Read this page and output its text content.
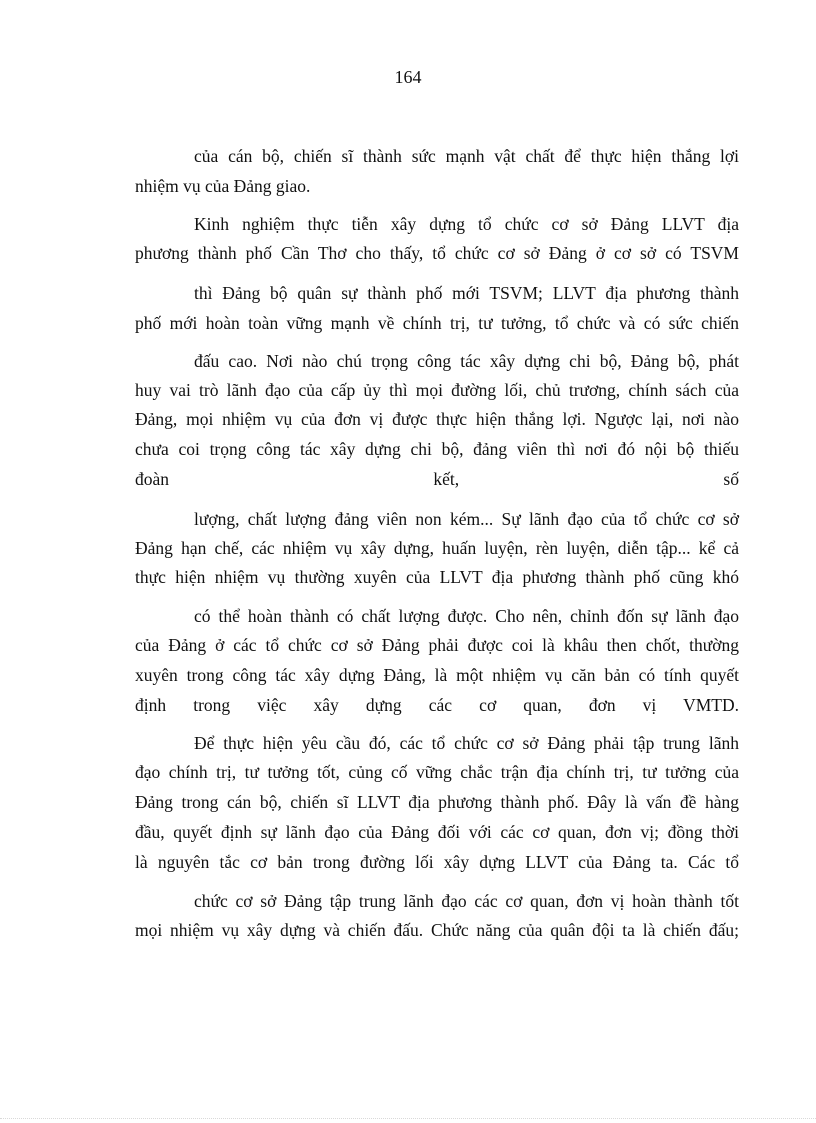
164
của cán bộ, chiến sĩ thành sức mạnh vật chất để thực hiện thắng lợi
nhiệm vụ của Đảng giao.
Kinh nghiệm thực tiễn xây dựng tổ chức cơ sở Đảng LLVT địa
phương thành phố Cần Thơ cho thấy, tổ chức cơ sở Đảng ở cơ sở có TSVM
thì Đảng bộ quân sự thành phố mới TSVM; LLVT địa phương thành
phố mới hoàn toàn vững mạnh về chính trị, tư tưởng, tổ chức và có sức chiến
đấu cao. Nơi nào chú trọng công tác xây dựng chi bộ, Đảng bộ, phát
huy vai trò lãnh đạo của cấp ủy thì mọi đường lối, chủ trương, chính sách của
Đảng, mọi nhiệm vụ của đơn vị được thực hiện thắng lợi. Ngược lại, nơi nào
chưa coi trọng công tác xây dựng chi bộ, đảng viên thì nơi đó nội bộ thiếu
đoàn kết, số
lượng, chất lượng đảng viên non kém... Sự lãnh đạo của tổ chức cơ sở
Đảng hạn chế, các nhiệm vụ xây dựng, huấn luyện, rèn luyện, diễn tập... kể cả
thực hiện nhiệm vụ thường xuyên của LLVT địa phương thành phố cũng khó
có thể hoàn thành có chất lượng được. Cho nên, chỉnh đốn sự lãnh đạo
của Đảng ở các tổ chức cơ sở Đảng phải được coi là khâu then chốt, thường
xuyên trong công tác xây dựng Đảng, là một nhiệm vụ căn bản có tính quyết
định trong việc xây dựng các cơ quan, đơn vị VMTD.
Để thực hiện yêu cầu đó, các tổ chức cơ sở Đảng phải tập trung lãnh
đạo chính trị, tư tưởng tốt, củng cố vững chắc trận địa chính trị, tư tưởng của
Đảng trong cán bộ, chiến sĩ LLVT địa phương thành phố. Đây là vấn đề hàng
đầu, quyết định sự lãnh đạo của Đảng đối với các cơ quan, đơn vị; đồng thời
là nguyên tắc cơ bản trong đường lối xây dựng LLVT của Đảng ta. Các tổ
chức cơ sở Đảng tập trung lãnh đạo các cơ quan, đơn vị hoàn thành tốt
mọi nhiệm vụ xây dựng và chiến đấu. Chức năng của quân đội ta là chiến đấu;
